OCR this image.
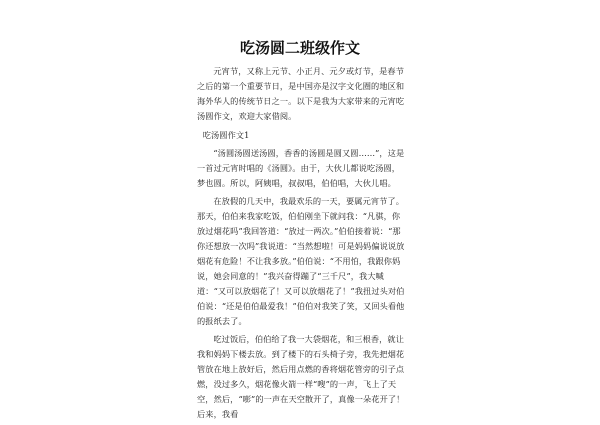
吃汤圆二班级作文

元宵节，又称上元节、小正月、元夕或灯节，是春节之后的第一个重要节日，是中国亦是汉字文化圈的地区和海外华人的传统节日之一。以下是我为大家带来的元宵吃汤圆作文，欢迎大家借阅。

吃汤圆作文1

“汤圆汤圆送汤圆，香香的汤圆是圆又圆……”，这是一首过元宵时唱的《汤圆》。由于，大伙儿都说吃汤圆，梦也圆。所以，阿姨唱，叔叔唱，伯伯唱，大伙儿唱。

在放假的几天中，我最欢乐的一天，要属元宵节了。那天，伯伯来我家吃饭，伯伯刚坐下就问我：“凡骐，你放过烟花吗”我回答道：“放过一两次。”伯伯接着说：“那你还想放一次吗”我说道：“当然想啦！可是妈妈偏说说放烟花有危险！不让我多放。”伯伯说：“不用怕，我跟你妈说，她会同意的！”我兴奋得蹦了“三千尺”，我大喊道：“又可以放烟花了！又可以放烟花了！”我扭过头对伯伯说：“还是伯伯最爱我！”伯伯对我笑了笑，又回头看他的报纸去了。

吃过饭后，伯伯给了我一大袋烟花，和三根香，就让我和妈妈下楼去放。到了楼下的石头椅子旁，我先把烟花管放在地上放好后，然后用点燃的香将烟花管旁的引子点燃，没过多久，烟花像火箭一样“嗖”的一声，飞上了天空，然后，“嘭”的一声在天空散开了，真像一朵花开了！后来，我看
